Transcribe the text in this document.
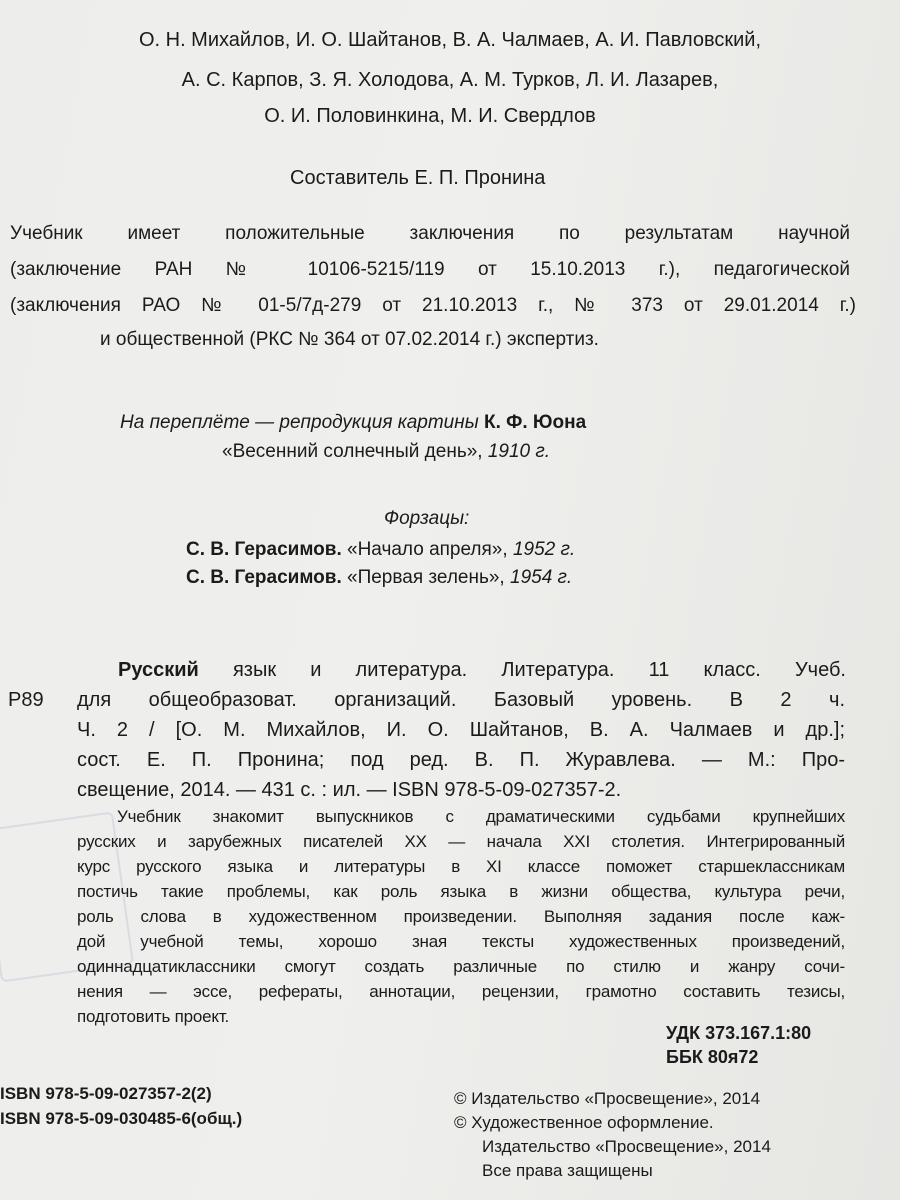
О. Н. Михайлов, И. О. Шайтанов, В. А. Чалмаев, А. И. Павловский,
А. С. Карпов, З. Я. Холодова, А. М. Турков, Л. И. Лазарев,
О. И. Половинкина, М. И. Свердлов
Составитель Е. П. Пронина
Учебник имеет положительные заключения по результатам научной
(заключение РАН № 10106-5215/119 от 15.10.2013 г.), педагогической
(заключения РАО № 01-5/7д-279 от 21.10.2013 г., № 373 от 29.01.2014 г.)
и общественной (РКС № 364 от 07.02.2014 г.) экспертиз.
На переплёте — репродукция картины К. Ф. Юона
«Весенний солнечный день», 1910 г.
Форзацы:
С. В. Герасимов. «Начало апреля», 1952 г.
С. В. Герасимов. «Первая зелень», 1954 г.
Русский язык и литература. Литература. 11 класс. Учеб.
Р89 для общеобразоват. организаций. Базовый уровень. В 2 ч.
Ч. 2 / [О. М. Михайлов, И. О. Шайтанов, В. А. Чалмаев и др.];
сост. Е. П. Пронина; под ред. В. П. Журавлева. — М.: Про-
свещение, 2014. — 431 с. : ил. — ISBN 978-5-09-027357-2.
Учебник знакомит выпускников с драматическими судьбами крупнейших
русских и зарубежных писателей XX — начала XXI столетия. Интегрированный
курс русского языка и литературы в XI классе поможет старшеклассникам
постичь такие проблемы, как роль языка в жизни общества, культура речи,
роль слова в художественном произведении. Выполняя задания после каж-
дой учебной темы, хорошо зная тексты художественных произведений,
одиннадцатиклассники смогут создать различные по стилю и жанру сочи-
нения — эссе, рефераты, аннотации, рецензии, грамотно составить тезисы,
подготовить проект.
УДК 373.167.1:80
ББК 80я72
ISBN 978-5-09-027357-2(2)
ISBN 978-5-09-030485-6(общ.)
© Издательство «Просвещение», 2014
© Художественное оформление.
Издательство «Просвещение», 2014
Все права защищены
